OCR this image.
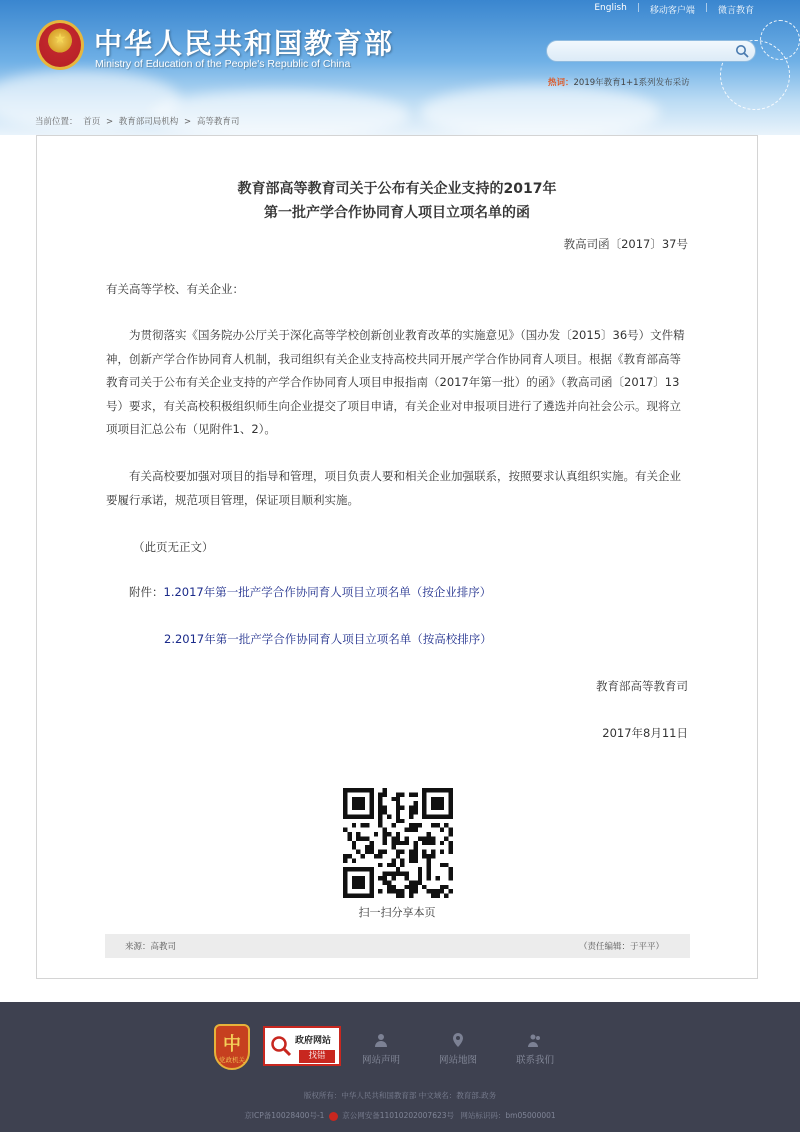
★ 中华人民共和国教育部
Ministry of Education of the People's Republic of China
English | 移动客户端 | 微言教育
热词：2019年教育1+1系列发布采访
当前位置： 首页 > 教育部司局机构 > 高等教育司
教育部高等教育司关于公布有关企业支持的2017年
第一批产学合作协同育人项目立项名单的函
教高司函〔2017〕37号
有关高等学校、有关企业：
　　为贯彻落实《国务院办公厅关于深化高等学校创新创业教育改革的实施意见》（国办发〔2015〕36号）文件精神，创新产学合作协同育人机制，我司组织有关企业支持高校共同开展产学合作协同育人项目。根据《教育部高等教育司关于公布有关企业支持的产学合作协同育人项目申报指南（2017年第一批）的函》（教高司函〔2017〕13号）要求，有关高校积极组织师生向企业提交了项目申请，有关企业对申报项目进行了遴选并向社会公示。现将立项项目汇总公布（见附件1、2）。
　　有关高校要加强对项目的指导和管理，项目负责人要和相关企业加强联系，按照要求认真组织实施。有关企业要履行承诺，规范项目管理，保证项目顺利实施。
（此页无正文）
附件：1.2017年第一批产学合作协同育人项目立项名单（按企业排序）
2.2017年第一批产学合作协同育人项目立项名单（按高校排序）
教育部高等教育司
2017年8月11日
扫一扫分享本页
来源：高教司	（责任编辑：于平平）
中
党政机关
政府网站
找错	网站声明	网站地图	联系我们
版权所有：中华人民共和国教育部 中文域名：教育部.政务
京ICP备10028400号-1 京公网安备11010202007623号 网站标识码：bm05000001
